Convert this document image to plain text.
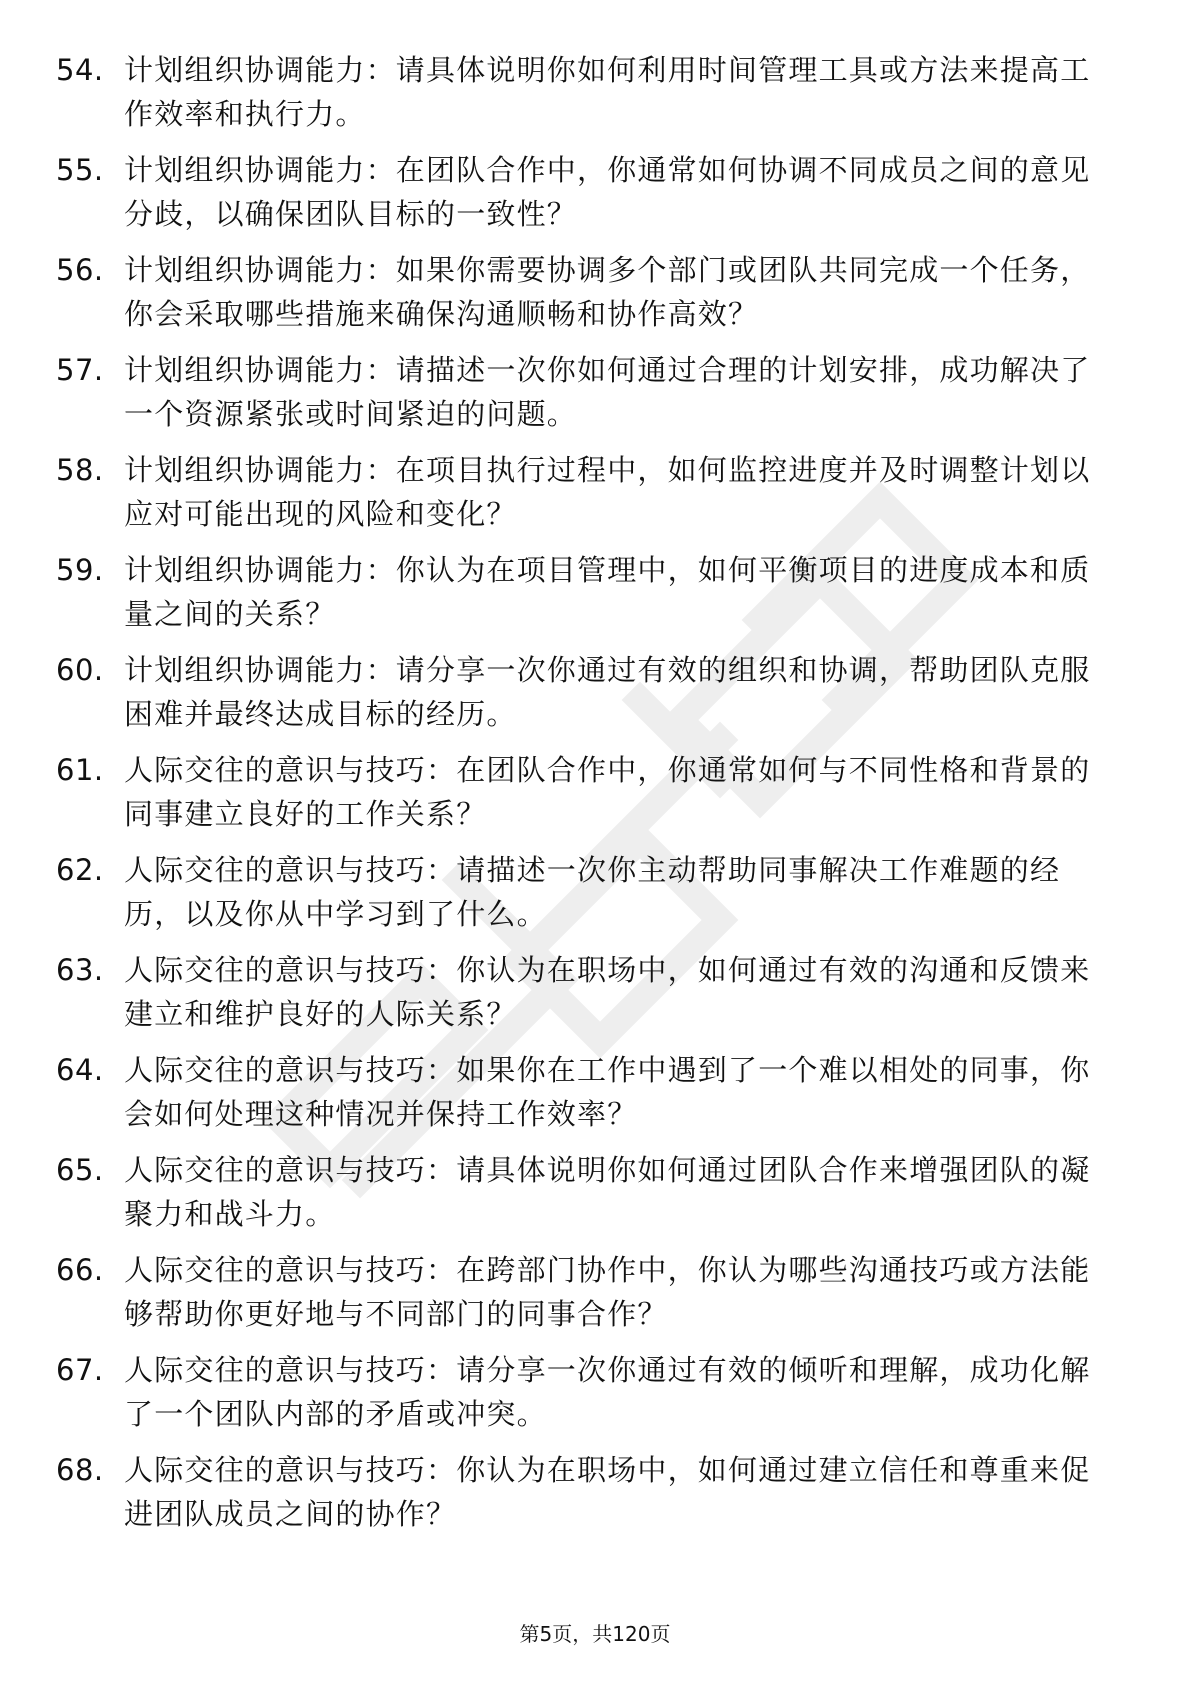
54. 计划组织协调能力：请具体说明你如何利用时间管理工具或方法来提高工作效率和执行力。
55. 计划组织协调能力：在团队合作中，你通常如何协调不同成员之间的意见分歧，以确保团队目标的一致性？
56. 计划组织协调能力：如果你需要协调多个部门或团队共同完成一个任务，你会采取哪些措施来确保沟通顺畅和协作高效？
57. 计划组织协调能力：请描述一次你如何通过合理的计划安排，成功解决了一个资源紧张或时间紧迫的问题。
58. 计划组织协调能力：在项目执行过程中，如何监控进度并及时调整计划以应对可能出现的风险和变化？
59. 计划组织协调能力：你认为在项目管理中，如何平衡项目的进度成本和质量之间的关系？
60. 计划组织协调能力：请分享一次你通过有效的组织和协调，帮助团队克服困难并最终达成目标的经历。
61. 人际交往的意识与技巧：在团队合作中，你通常如何与不同性格和背景的同事建立良好的工作关系？
62. 人际交往的意识与技巧：请描述一次你主动帮助同事解决工作难题的经历，以及你从中学习到了什么。
63. 人际交往的意识与技巧：你认为在职场中，如何通过有效的沟通和反馈来建立和维护良好的人际关系？
64. 人际交往的意识与技巧：如果你在工作中遇到了一个难以相处的同事，你会如何处理这种情况并保持工作效率？
65. 人际交往的意识与技巧：请具体说明你如何通过团队合作来增强团队的凝聚力和战斗力。
66. 人际交往的意识与技巧：在跨部门协作中，你认为哪些沟通技巧或方法能够帮助你更好地与不同部门的同事合作？
67. 人际交往的意识与技巧：请分享一次你通过有效的倾听和理解，成功化解了一个团队内部的矛盾或冲突。
68. 人际交往的意识与技巧：你认为在职场中，如何通过建立信任和尊重来促进团队成员之间的协作？
第5页，共120页
